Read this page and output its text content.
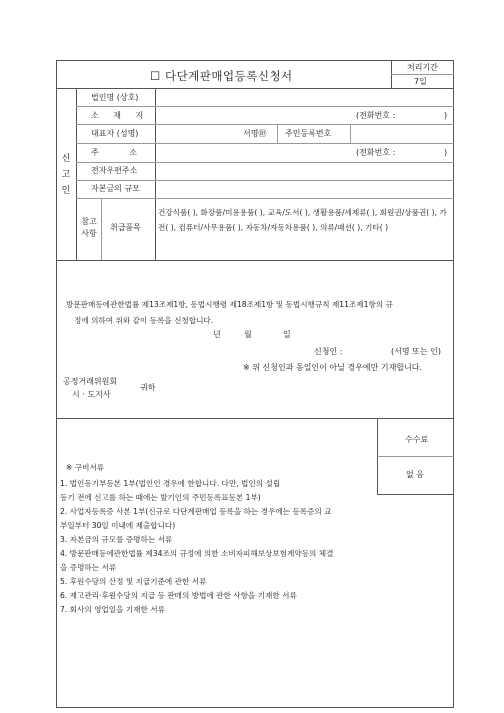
☐ 다단계판매업등록신청서
처리기간
7일
신
고
인
법인명 (상호)
소 재 지	(전화번호 :	)
대표자 (성명)	서명㊞ 주민등록번호
주 소	(전화번호 :	)
전자우편주소
자본금의 규모
참고
사항
취급품목
건강식품( ), 화장품/미용용품( ), 교육/도서( ), 생활용품/세제류( ), 회원권/상품권( ), 가전( ), 컴퓨터/사무용품( ), 자동차/자동차용품( ), 의류/패션( ), 기타( )
방문판매등에관한법률 제13조제1항, 동법시행령 제18조제1항 및 동법시행규칙 제11조제1항의 규
정에 의하여 위와 같이 등록을 신청합니다.
년	월	일
신청인 :	(서명 또는 인)
※ 위 신청인과 동일인이 아닐 경우에만 기재합니다.
공정거래위원회
시 · 도지사
귀하
수수료
없 음
※ 구비서류
1. 법인등기부등본 1부(법인인 경우에 한합니다. 다만, 법인의 설립
등기 전에 신고를 하는 때에는 발기인의 주민등록표등본 1부)
2. 사업자등록증 사본 1부(신규로 다단계판매업 등록을 하는 경우에는 등록증의 교
부일부터 30일 이내에 제출합니다)
3. 자본금의 규모를 증명하는 서류
4. 방문판매등에관한법률 제34조의 규정에 의한 소비자피해보상보험계약등의 체결
을 증명하는 서류
5. 후원수당의 산정 및 지급기준에 관한 서류
6. 재고관리·후원수당의 지급 등 판매의 방법에 관한 사항을 기재한 서류
7. 회사의 영업일을 기재한 서류
